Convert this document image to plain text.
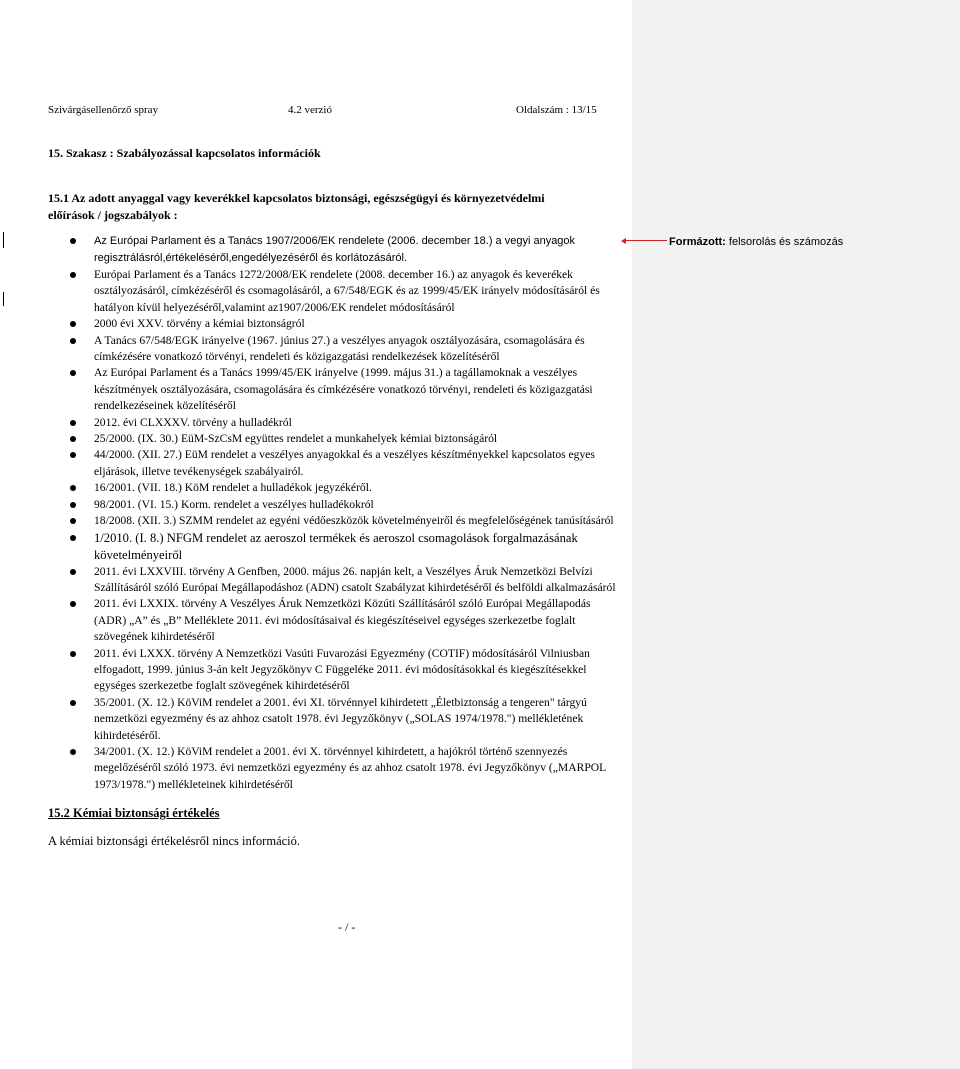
Szivárgásellenőrző spray	4.2 verzió	Oldalszám : 13/15
15. Szakasz : Szabályozással kapcsolatos információk

15.1 Az adott anyaggal vagy keverékkel kapcsolatos biztonsági, egészségügyi és környezetvédelmi előírások / jogszabályok :

Az Európai Parlament és a Tanács 1907/2006/EK rendelete (2006. december 18.) a vegyi anyagok regisztrálásról,értékeléséről,engedélyezéséről és korlátozásáról.
Európai Parlament és a Tanács 1272/2008/EK rendelete (2008. december 16.) az anyagok és keverékek osztályozásáról, címkézéséről és csomagolásáról, a 67/548/EGK és az 1999/45/EK irányelv módosításáról és hatályon kívül helyezéséről,valamint az1907/2006/EK rendelet módosításáról
2000 évi XXV. törvény a kémiai biztonságról
A Tanács 67/548/EGK irányelve (1967. június 27.) a veszélyes anyagok osztályozására, csomagolására és címkézésére vonatkozó törvényi, rendeleti és közigazgatási rendelkezések közelítéséről
Az Európai Parlament és a Tanács 1999/45/EK irányelve (1999. május 31.) a tagállamoknak a veszélyes készítmények osztályozására, csomagolására és címkézésére vonatkozó törvényi, rendeleti és közigazgatási rendelkezéseinek közelítéséről
2012. évi CLXXXV. törvény a hulladékról
25/2000. (IX. 30.) EüM-SzCsM együttes rendelet a munkahelyek kémiai biztonságáról
44/2000. (XII. 27.) EüM rendelet a veszélyes anyagokkal és a veszélyes készítményekkel kapcsolatos egyes eljárások, illetve tevékenységek szabályairól.
16/2001. (VII. 18.) KöM rendelet a hulladékok jegyzékéről.
98/2001. (VI. 15.) Korm. rendelet a veszélyes hulladékokról
18/2008. (XII. 3.) SZMM rendelet az egyéni védőeszközök követelményeiről és megfelelőségének tanúsításáról
1/2010. (I. 8.) NFGM rendelet az aeroszol termékek és aeroszol csomagolások forgalmazásának követelményeiről
2011. évi LXXVIII. törvény A Genfben, 2000. május 26. napján kelt, a Veszélyes Áruk Nemzetközi Belvízi Szállításáról szóló Európai Megállapodáshoz (ADN) csatolt Szabályzat kihirdetéséről és belföldi alkalmazásáról
2011. évi LXXIX. törvény A Veszélyes Áruk Nemzetközi Közúti Szállításáról szóló Európai Megállapodás (ADR) „A” és „B” Melléklete 2011. évi módosításaival és kiegészítéseivel egységes szerkezetbe foglalt szövegének kihirdetéséről
2011. évi LXXX. törvény A Nemzetközi Vasúti Fuvarozási Egyezmény (COTIF) módosításáról Vilniusban elfogadott, 1999. június 3-án kelt Jegyzőkönyv C Függeléke 2011. évi módosításokkal és kiegészítésekkel egységes szerkezetbe foglalt szövegének kihirdetéséről
35/2001. (X. 12.) KöViM rendelet a 2001. évi XI. törvénnyel kihirdetett „Életbiztonság a tengeren" tárgyú nemzetközi egyezmény és az ahhoz csatolt 1978. évi Jegyzőkönyv („SOLAS 1974/1978.") mellékletének kihirdetéséről.
34/2001. (X. 12.) KöViM rendelet a 2001. évi X. törvénnyel kihirdetett, a hajókról történő szennyezés megelőzéséről szóló 1973. évi nemzetközi egyezmény és az ahhoz csatolt 1978. évi Jegyzőkönyv („MARPOL 1973/1978.") mellékleteinek kihirdetéséről
15.2 Kémiai biztonsági értékelés
A kémiai biztonsági értékelésről nincs információ.
- / -
Formázott: felsorolás és számozás
